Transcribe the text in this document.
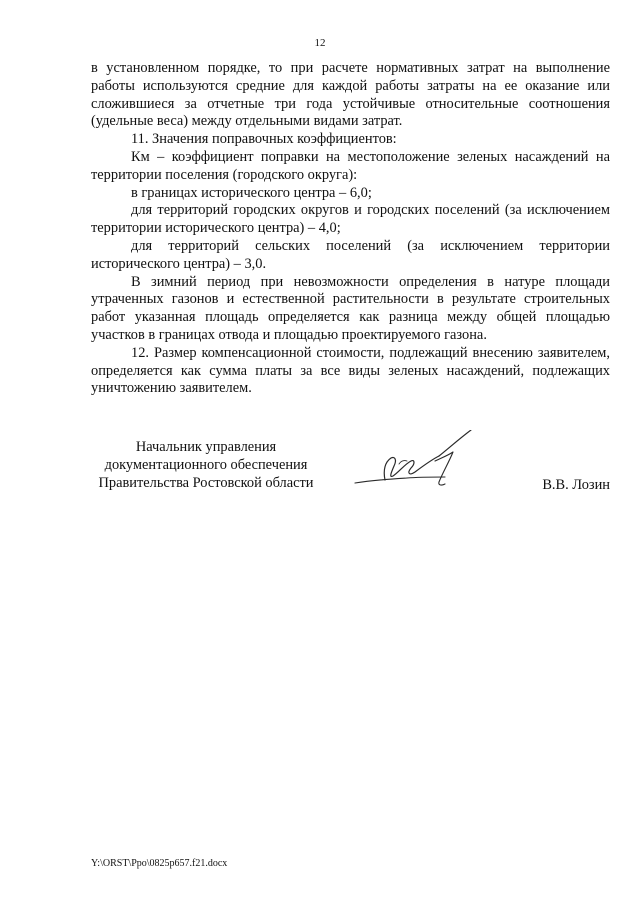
12

в установленном порядке, то при расчете нормативных затрат на выполнение работы используются средние для каждой работы затраты на ее оказание или сложившиеся за отчетные три года устойчивые относительные соотношения (удельные веса) между отдельными видами затрат.

11. Значения поправочных коэффициентов:

Км – коэффициент поправки на местоположение зеленых насаждений на территории поселения (городского округа):

в границах исторического центра – 6,0;

для территорий городских округов и городских поселений (за исключением территории исторического центра) – 4,0;

для территорий сельских поселений (за исключением территории исторического центра) – 3,0.

В зимний период при невозможности определения в натуре площади утраченных газонов и естественной растительности в результате строительных работ указанная площадь определяется как разница между общей площадью участков в границах отвода и площадью проектируемого газона.

12. Размер компенсационной стоимости, подлежащий внесению заявителем, определяется как сумма платы за все виды зеленых насаждений, подлежащих уничтожению заявителем.

Начальник управления
документационного обеспечения
Правительства Ростовской области	В.В. Лозин
Y:\ORST\Ppo\0825p657.f21.docx
